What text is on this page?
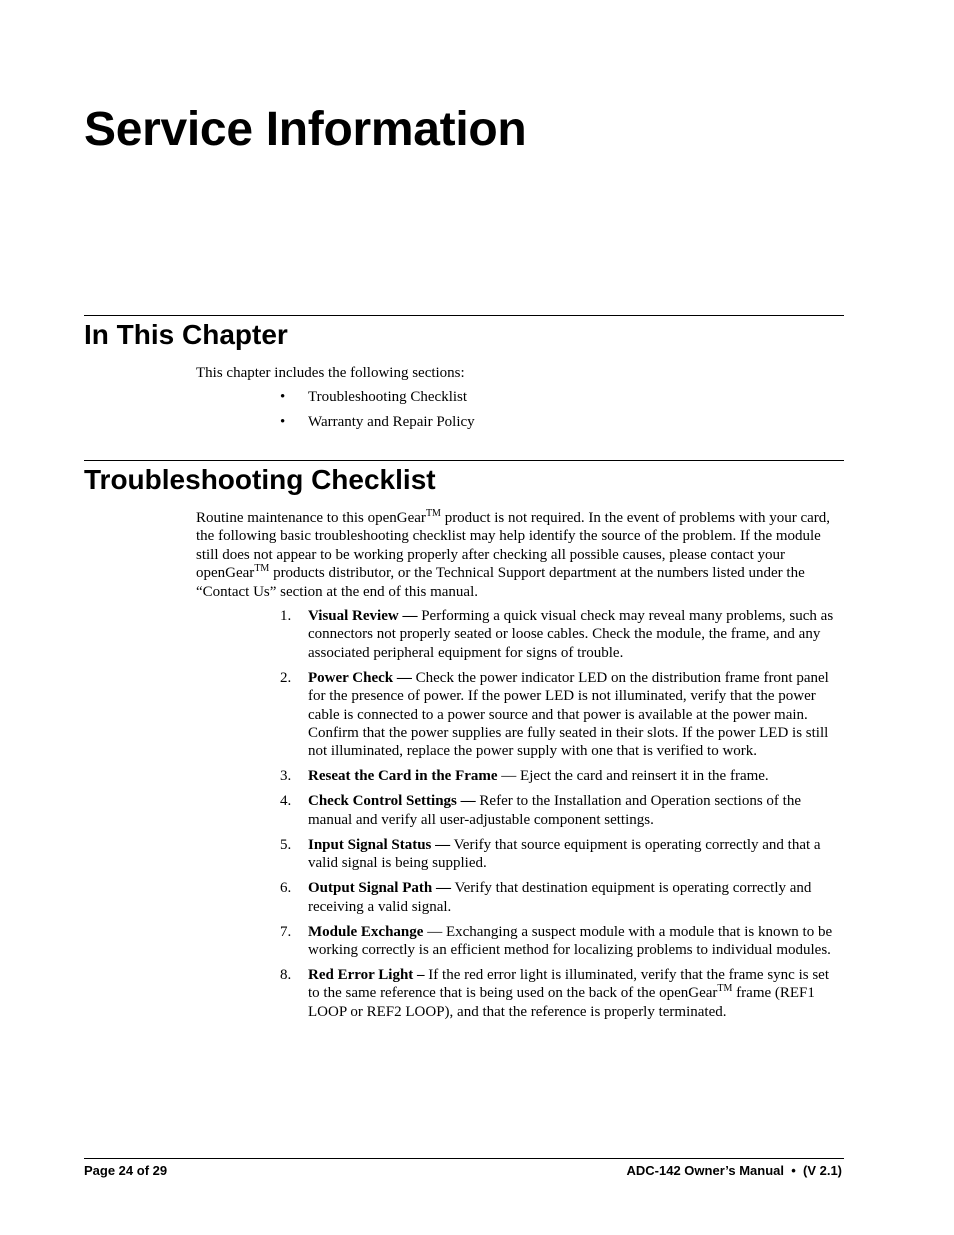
Service Information
In This Chapter

This chapter includes the following sections:

• Troubleshooting Checklist
• Warranty and Repair Policy
Troubleshooting Checklist

Routine maintenance to this openGear™ product is not required. In the event of problems with your card, the following basic troubleshooting checklist may help identify the source of the problem. If the module still does not appear to be working properly after checking all possible causes, please contact your openGear™ products distributor, or the Technical Support department at the numbers listed under the “Contact Us” section at the end of this manual.

1. Visual Review — Performing a quick visual check may reveal many problems, such as connectors not properly seated or loose cables. Check the module, the frame, and any associated peripheral equipment for signs of trouble.
2. Power Check — Check the power indicator LED on the distribution frame front panel for the presence of power. If the power LED is not illuminated, verify that the power cable is connected to a power source and that power is available at the power main. Confirm that the power supplies are fully seated in their slots. If the power LED is still not illuminated, replace the power supply with one that is verified to work.
3. Reseat the Card in the Frame — Eject the card and reinsert it in the frame.
4. Check Control Settings — Refer to the Installation and Operation sections of the manual and verify all user-adjustable component settings.
5. Input Signal Status — Verify that source equipment is operating correctly and that a valid signal is being supplied.
6. Output Signal Path — Verify that destination equipment is operating correctly and receiving a valid signal.
7. Module Exchange — Exchanging a suspect module with a module that is known to be working correctly is an efficient method for localizing problems to individual modules.
8. Red Error Light – If the red error light is illuminated, verify that the frame sync is set to the same reference that is being used on the back of the openGear™ frame (REF1 LOOP or REF2 LOOP), and that the reference is properly terminated.

Page 24 of 29	ADC-142 Owner’s Manual  •  (V 2.1)
